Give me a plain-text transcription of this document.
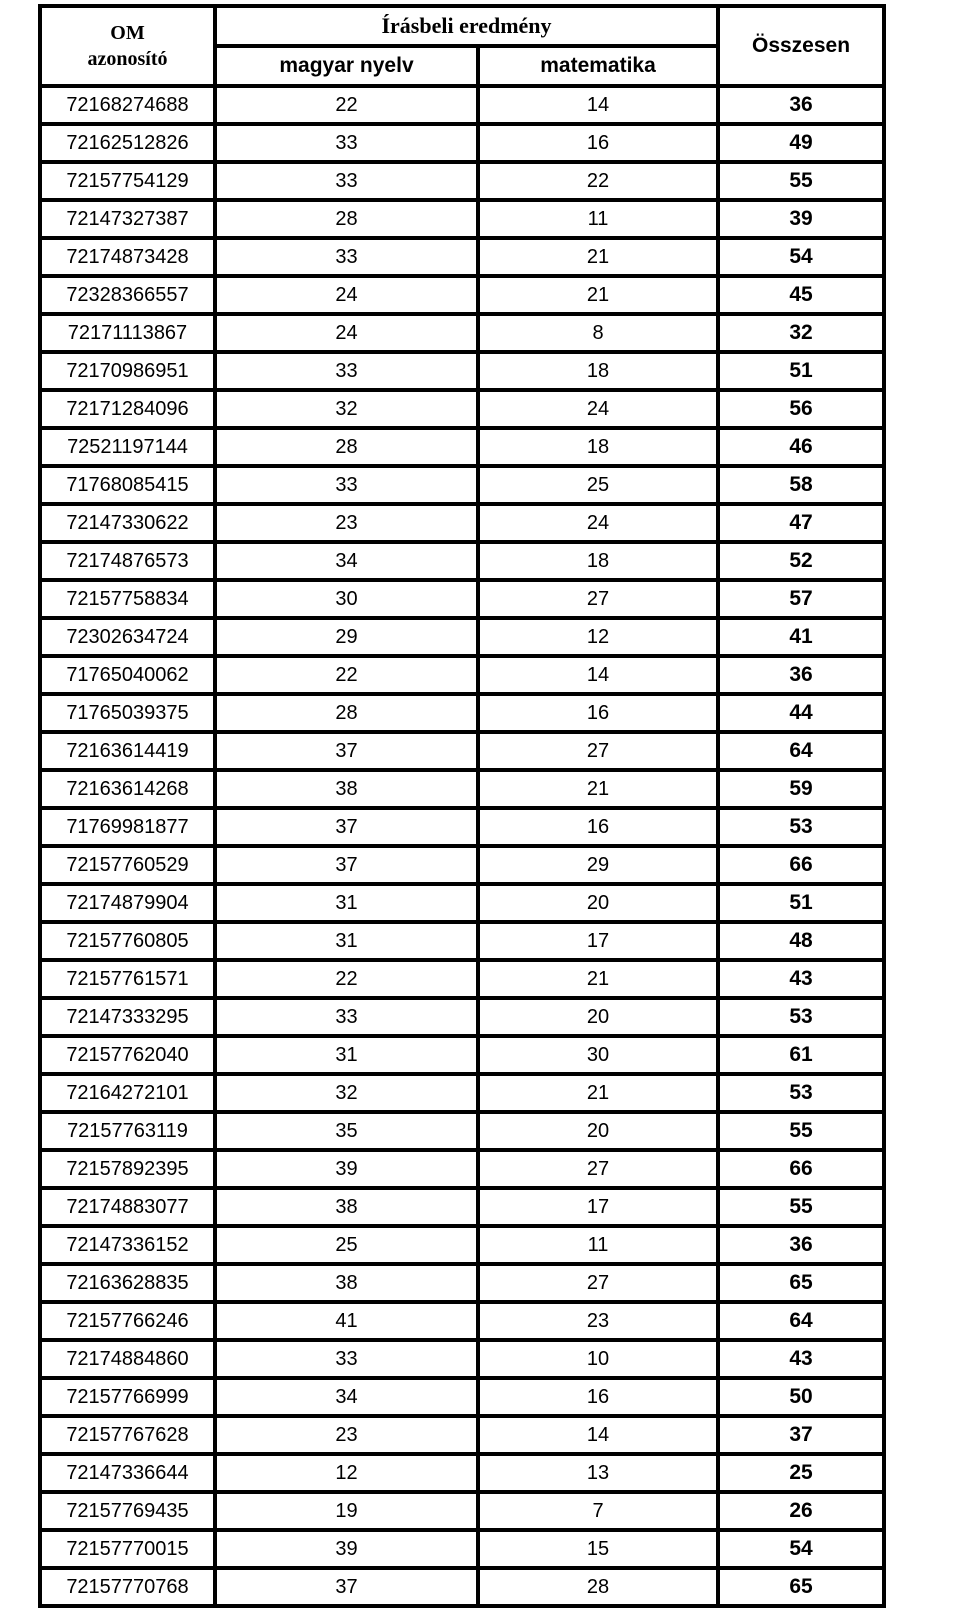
OM
azonosító	Írásbeli eredmény		Összesen
	magyar nyelv	matematika	
72168274688	22	14	36
72162512826	33	16	49
72157754129	33	22	55
72147327387	28	11	39
72174873428	33	21	54
72328366557	24	21	45
72171113867	24	8	32
72170986951	33	18	51
72171284096	32	24	56
72521197144	28	18	46
71768085415	33	25	58
72147330622	23	24	47
72174876573	34	18	52
72157758834	30	27	57
72302634724	29	12	41
71765040062	22	14	36
71765039375	28	16	44
72163614419	37	27	64
72163614268	38	21	59
71769981877	37	16	53
72157760529	37	29	66
72174879904	31	20	51
72157760805	31	17	48
72157761571	22	21	43
72147333295	33	20	53
72157762040	31	30	61
72164272101	32	21	53
72157763119	35	20	55
72157892395	39	27	66
72174883077	38	17	55
72147336152	25	11	36
72163628835	38	27	65
72157766246	41	23	64
72174884860	33	10	43
72157766999	34	16	50
72157767628	23	14	37
72147336644	12	13	25
72157769435	19	7	26
72157770015	39	15	54
72157770768	37	28	65
